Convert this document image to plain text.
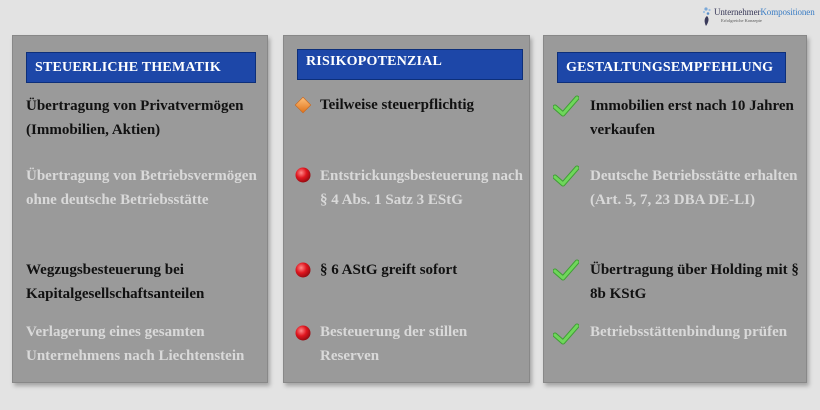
UnternehmerKompositionen
Erfolgreiche Konzepte
STEUERLICHE THEMATIK
Übertragung von Privatvermögen (Immobilien, Aktien)
Übertragung von Betriebsvermögen ohne deutsche Betriebsstätte
Wegzugsbesteuerung bei Kapitalgesellschaftsanteilen
Verlagerung eines gesamten Unternehmens nach Liechtenstein
RISIKOPOTENZIAL
Teilweise steuerpflichtig
Entstrickungsbesteuerung nach § 4 Abs. 1 Satz 3 EStG
§ 6 AStG greift sofort
Besteuerung der stillen Reserven
GESTALTUNGSEMPFEHLUNG
Immobilien erst nach 10 Jahren verkaufen
Deutsche Betriebsstätte erhalten (Art. 5, 7, 23 DBA DE-LI)
Übertragung über Holding mit § 8b KStG
Betriebsstättenbindung prüfen
